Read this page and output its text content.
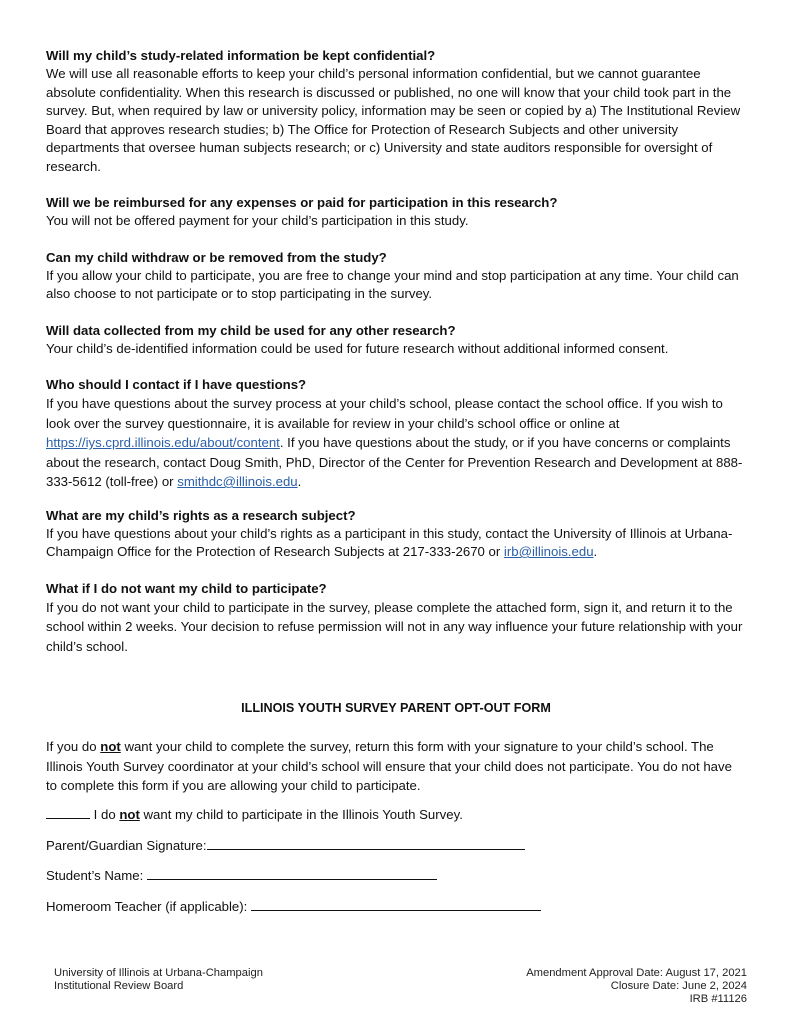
Will my child’s study-related information be kept confidential?

We will use all reasonable efforts to keep your child’s personal information confidential, but we cannot guarantee absolute confidentiality. When this research is discussed or published, no one will know that your child took part in the survey. But, when required by law or university policy, information may be seen or copied by a) The Institutional Review Board that approves research studies; b) The Office for Protection of Research Subjects and other university departments that oversee human subjects research; or c) University and state auditors responsible for oversight of research.

Will we be reimbursed for any expenses or paid for participation in this research?

You will not be offered payment for your child’s participation in this study.

Can my child withdraw or be removed from the study?

If you allow your child to participate, you are free to change your mind and stop participation at any time. Your child can also choose to not participate or to stop participating in the survey.

Will data collected from my child be used for any other research?

Your child’s de-identified information could be used for future research without additional informed consent.

Who should I contact if I have questions?

If you have questions about the survey process at your child’s school, please contact the school office. If you wish to look over the survey questionnaire, it is available for review in your child’s school office or online at https://iys.cprd.illinois.edu/about/content. If you have questions about the study, or if you have concerns or complaints about the research, contact Doug Smith, PhD, Director of the Center for Prevention Research and Development at 888-333-5612 (toll-free) or smithdc@illinois.edu.

What are my child’s rights as a research subject?

If you have questions about your child’s rights as a participant in this study, contact the University of Illinois at Urbana-Champaign Office for the Protection of Research Subjects at 217-333-2670 or irb@illinois.edu.

What if I do not want my child to participate?

If you do not want your child to participate in the survey, please complete the attached form, sign it, and return it to the school within 2 weeks. Your decision to refuse permission will not in any way influence your future relationship with your child’s school.

ILLINOIS YOUTH SURVEY PARENT OPT-OUT FORM

If you do not want your child to complete the survey, return this form with your signature to your child’s school. The Illinois Youth Survey coordinator at your child’s school will ensure that your child does not participate. You do not have to complete this form if you are allowing your child to participate.

I do not want my child to participate in the Illinois Youth Survey.

Parent/Guardian Signature:

Student’s Name:

Homeroom Teacher (if applicable):

University of Illinois at Urbana-Champaign
Institutional Review Board
Amendment Approval Date: August 17, 2021
Closure Date: June 2, 2024
IRB #11126
